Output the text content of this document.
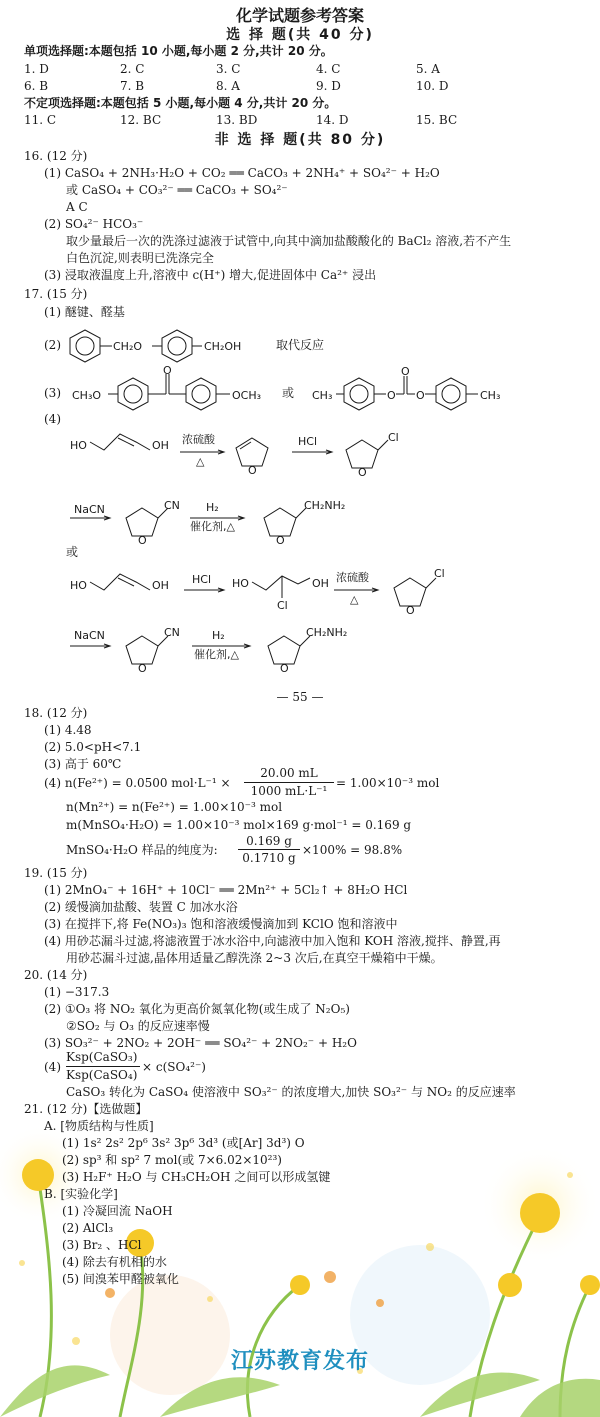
化学试题参考答案
选 择 题(共 40 分)
单项选择题:本题包括 10 小题,每小题 2 分,共计 20 分。
1. D	2. C	3. C	4. C	5. A
6. B	7. B	8. A	9. D	10. D
不定项选择题:本题包括 5 小题,每小题 4 分,共计 20 分。
11. C	12. BC	13. BD	14. D	15. BC
非 选 择 题(共 80 分)
16. (12 分)
(1) CaSO₄ + 2NH₃·H₂O + CO₂ ══ CaCO₃ + 2NH₄⁺ + SO₄²⁻ + H₂O
或 CaSO₄ + CO₃²⁻ ══ CaCO₃ + SO₄²⁻
A C
(2) SO₄²⁻ HCO₃⁻
取少量最后一次的洗涤过滤液于试管中,向其中滴加盐酸酸化的 BaCl₂ 溶液,若不产生
白色沉淀,则表明已洗涤完全
(3) 浸取液温度上升,溶液中 c(H⁺) 增大,促进固体中 Ca²⁺ 浸出
17. (15 分)
(1) 醚键、醛基
(2)	CH₂O	CH₂OH	取代反应
(3) CH₃O
O
OCH₃ 或 CH₃	O
O
O	CH₃
(4)
HO	OH 浓硫酸
△
O
HCl	Cl
O
NaCN	CN
O
H₂
催化剂,△
CH₂NH₂
O
或
HO	OH HCl HO
Cl
OH 浓硫酸
△
Cl
O
NaCN	CN
O
H₂
催化剂,△
CH₂NH₂
O
— 55 —
18. (12 分)
(1) 4.48
(2) 5.0<pH<7.1
(3) 高于 60℃
(4) n(Fe²⁺) = 0.0500 mol·L⁻¹ ×
20.00 mL
1000 mL·L⁻¹
= 1.00×10⁻³ mol
n(Mn²⁺) = n(Fe²⁺) = 1.00×10⁻³ mol
m(MnSO₄·H₂O) = 1.00×10⁻³ mol×169 g·mol⁻¹ = 0.169 g
MnSO₄·H₂O 样品的纯度为:
0.169 g
0.1710 g
×100% = 98.8%
19. (15 分)
(1) 2MnO₄⁻ + 16H⁺ + 10Cl⁻ ══ 2Mn²⁺ + 5Cl₂↑ + 8H₂O HCl
(2) 缓慢滴加盐酸、装置 C 加冰水浴
(3) 在搅拌下,将 Fe(NO₃)₃ 饱和溶液缓慢滴加到 KClO 饱和溶液中
(4) 用砂芯漏斗过滤,将滤液置于冰水浴中,向滤液中加入饱和 KOH 溶液,搅拌、静置,再
用砂芯漏斗过滤,晶体用适量乙醇洗涤 2~3 次后,在真空干燥箱中干燥。
20. (14 分)
(1) −317.3
(2) ①O₃ 将 NO₂ 氧化为更高价氮氧化物(或生成了 N₂O₅)
②SO₂ 与 O₃ 的反应速率慢
(3) SO₃²⁻ + 2NO₂ + 2OH⁻ ══ SO₄²⁻ + 2NO₂⁻ + H₂O
(4)
Ksp(CaSO₃)
Ksp(CaSO₄)
× c(SO₄²⁻)
CaSO₃ 转化为 CaSO₄ 使溶液中 SO₃²⁻ 的浓度增大,加快 SO₃²⁻ 与 NO₂ 的反应速率
21. (12 分)【选做题】
A. [物质结构与性质]
(1) 1s² 2s² 2p⁶ 3s² 3p⁶ 3d³ (或[Ar] 3d³) O
(2) sp³ 和 sp² 7 mol(或 7×6.02×10²³)
(3) H₂F⁺ H₂O 与 CH₃CH₂OH 之间可以形成氢键
B. [实验化学]
(1) 冷凝回流 NaOH
(2) AlCl₃
(3) Br₂ 、HCl
(4) 除去有机相的水
(5) 间溴苯甲醛被氧化
江苏教育发布
